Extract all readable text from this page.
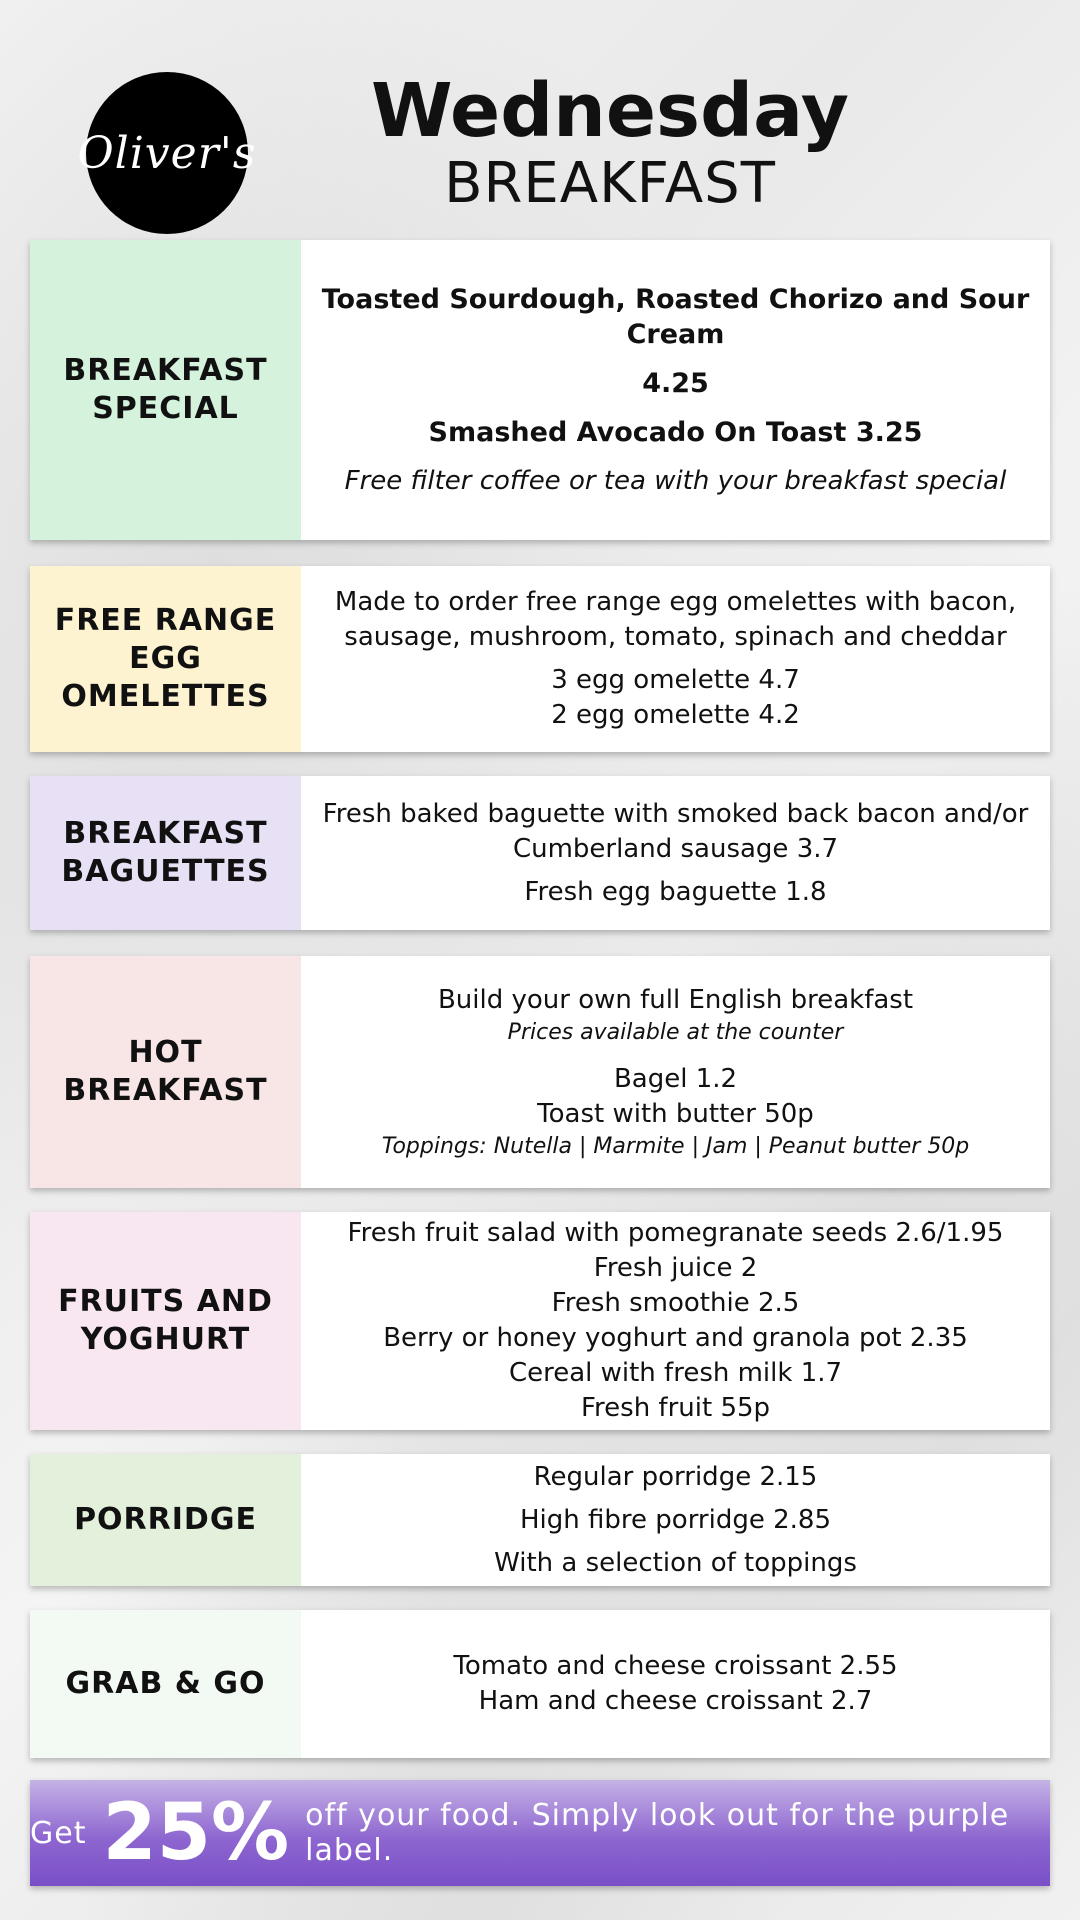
Oliver's	Wednesday
BREAKFAST
BREAKFAST
SPECIAL
Toasted Sourdough, Roasted Chorizo and Sour Cream
4.25
Smashed Avocado On Toast 3.25
Free filter coffee or tea with your breakfast special
FREE RANGE
EGG
OMELETTES
Made to order free range egg omelettes with bacon,
sausage, mushroom, tomato, spinach and cheddar
3 egg omelette 4.7
2 egg omelette 4.2
BREAKFAST
BAGUETTES
Fresh baked baguette with smoked back bacon and/or
Cumberland sausage 3.7
Fresh egg baguette 1.8
HOT
BREAKFAST
Build your own full English breakfast
Prices available at the counter
Bagel 1.2
Toast with butter 50p
Toppings: Nutella | Marmite | Jam | Peanut butter 50p
FRUITS AND
YOGHURT
Fresh fruit salad with pomegranate seeds 2.6/1.95
Fresh juice 2
Fresh smoothie 2.5
Berry or honey yoghurt and granola pot 2.35
Cereal with fresh milk 1.7
Fresh fruit 55p
PORRIDGE
Regular porridge 2.15
High fibre porridge 2.85
With a selection of toppings
GRAB & GO	Tomato and cheese croissant 2.55
Ham and cheese croissant 2.7
Get 25% off your food. Simply look out for the purple label.
